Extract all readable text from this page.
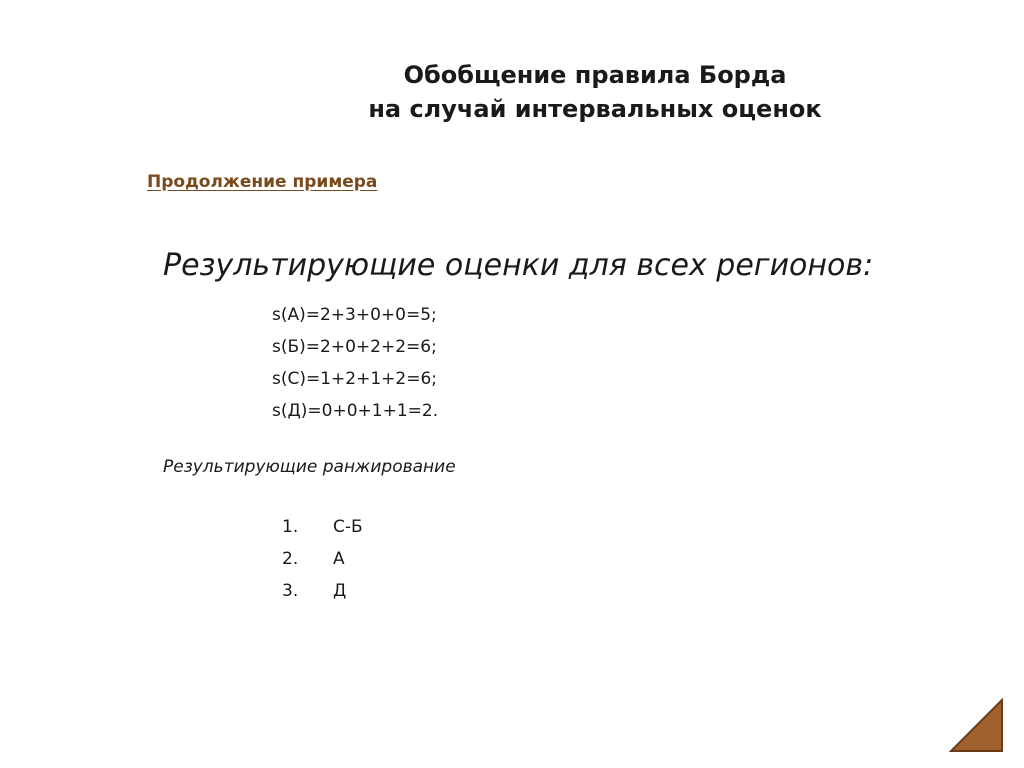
Обобщение правила Борда
на случай интервальных оценок
Продолжение примера
Результирующие оценки для всех регионов:
s(A)=2+3+0+0=5;
s(Б)=2+0+2+2=6;
s(C)=1+2+1+2=6;
s(Д)=0+0+1+1=2.
Результирующие ранжирование
1.	С-Б
2.	А
3.	Д
